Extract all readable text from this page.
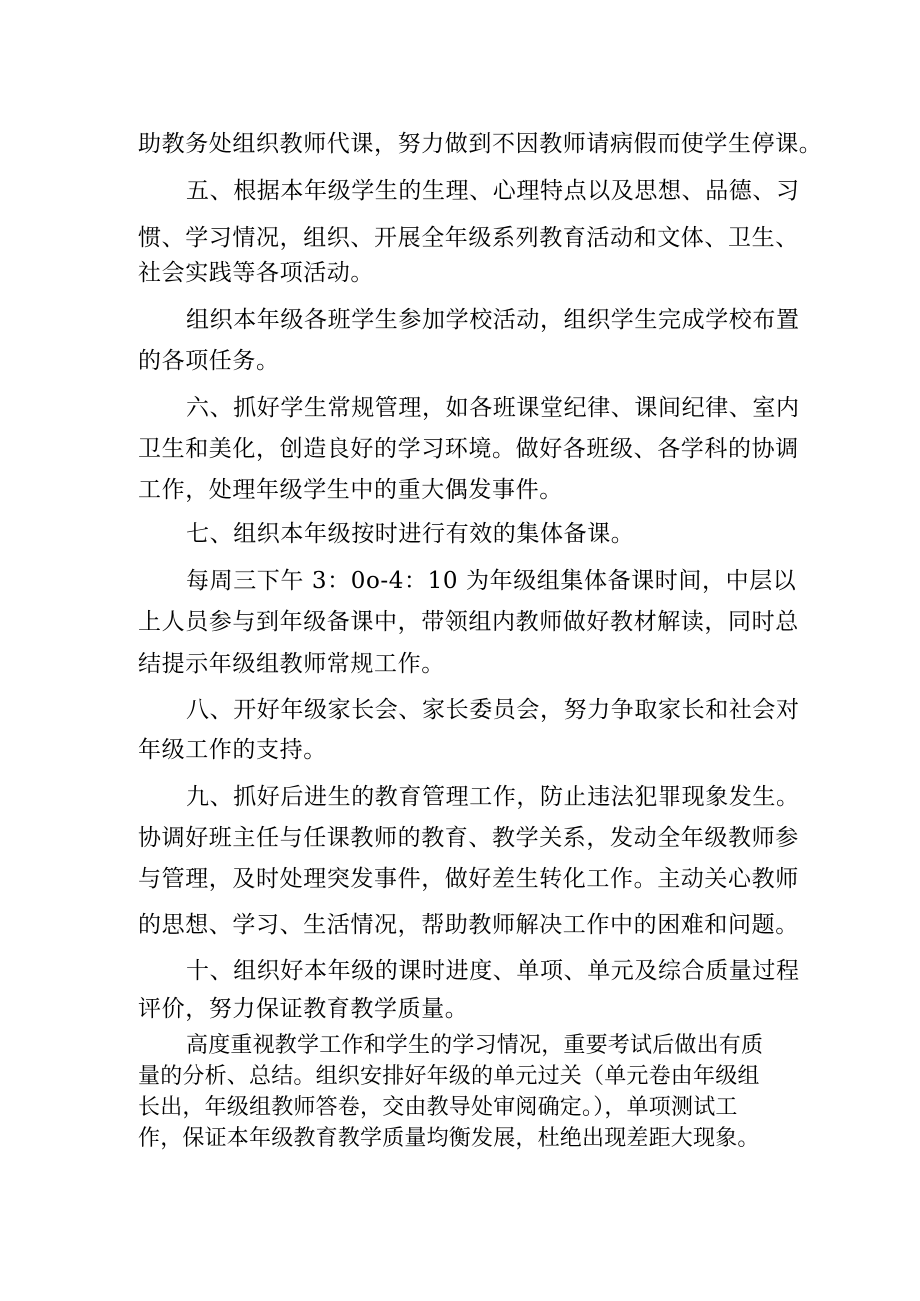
助教务处组织教师代课，努力做到不因教师请病假而使学生停课。
五、根据本年级学生的生理、心理特点以及思想、品德、习
惯、学习情况，组织、开展全年级系列教育活动和文体、卫生、
社会实践等各项活动。
组织本年级各班学生参加学校活动，组织学生完成学校布置
的各项任务。
六、抓好学生常规管理，如各班课堂纪律、课间纪律、室内
卫生和美化，创造良好的学习环境。做好各班级、各学科的协调
工作，处理年级学生中的重大偶发事件。
七、组织本年级按时进行有效的集体备课。
每周三下午 3：0o-4：10 为年级组集体备课时间，中层以
上人员参与到年级备课中，带领组内教师做好教材解读，同时总
结提示年级组教师常规工作。
八、开好年级家长会、家长委员会，努力争取家长和社会对
年级工作的支持。
九、抓好后进生的教育管理工作，防止违法犯罪现象发生。
协调好班主任与任课教师的教育、教学关系，发动全年级教师参
与管理，及时处理突发事件，做好差生转化工作。主动关心教师
的思想、学习、生活情况，帮助教师解决工作中的困难和问题。
十、组织好本年级的课时进度、单项、单元及综合质量过程
评价，努力保证教育教学质量。
高度重视教学工作和学生的学习情况，重要考试后做出有质
量的分析、总结。组织安排好年级的单元过关（单元卷由年级组
长出，年级组教师答卷，交由教导处审阅确定。），单项测试工
作，保证本年级教育教学质量均衡发展，杜绝出现差距大现象。
